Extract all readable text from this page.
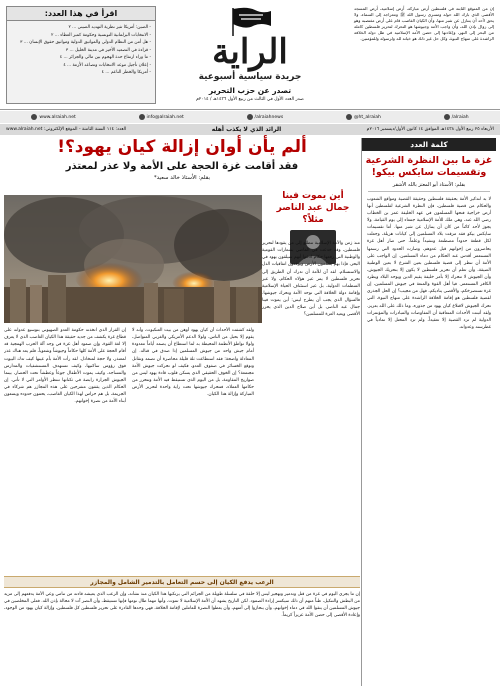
إن من المتوقع الثابتة في فلسطين أرض مباركة، أرض إسلامية، أرض المسجد الأقصى الذي بارك الله حوله ومسرى رسول الله ﷺ ومعراجه إلى السماء، ولا يحق لأحد أن يتنازل عن شبر منها، وأن الكيان الغاصب قام على أرض مغتصبة وهو إلى زوال بإذن الله، وأن واجب الأمة وجيوشها هو التحرك لتحرير فلسطين كاملة من البحر إلى النهر، وإعادتها إلى حضن الأمة الإسلامية في ظل دولة الخلافة الراشدة على منهاج النبوة، وكل حل غير ذلك هو خيانة لله ولرسوله وللمؤمنين.
الراية
جريدة سياسية أسبوعية
تصدر عن حزب التحرير
صدر العدد الأول في الثالث من ربيع الأول ١٤٣٦هـ / ٢٠١٤م
اقرأ في هذا العدد:
- الصين: أمريكا تثير نظرية التهديد الصيني ... ٢
- الانتخابات البرلمانية التونسية وحكومة كمبر العطاء ... ٢
- هل أمن من النظام الدولي والمواثيق الدولية ومواثيق حقوق الإنسان ... ٣
- قراءة في التصعيد الأخير في مدينة الخليل ... ٣
- ما وراء ارتفاع حدة الهجوم بين مالي والجزائر ... ٤
- إعلان تأجيل موعد الانتخابات وتصاعد الأزمة ... ٤
- أمريكا والخطر الناعم ... ٤
www.alraiah.net	info@alraiah.net	/alraiahnews	@ht_alraiah	/alraiah
الأربعاء ٢٥ ربيع الأول ١٤٣٨هـ الموافق ١٤ كانون الأول/ديسمبر ٢٠١٦م
الرائد الذي لا يكذب أهله
العدد: ١١٤ السنة الثامنة - الموقع الإلكتروني: www.alraiah.net
كلمة العدد
غزة ما بين النظرة الشرعية وتقسيمات سايكس بيكو!
بقلم: الأستاذ أبو المعتز بالله الأشقر
لا بد لتذكير الأمة بحقيقة فلسطين وحقيقة القضية ومواقع الشعوب والحكام من قضية فلسطين، فإن النظرة الشرعية لفلسطين أنها أرض خراجية فتحها المسلمون في عهد الخليفة عمر بن الخطاب رضي الله عنه، وهي ملك للأمة الإسلامية جمعاء إلى يوم القيامة، ولا يجوز لأحد كائناً من كان أن يتنازل عن شبر منها. أما تقسيمات سايكس بيكو فقد مزقت بلاد المسلمين إلى كيانات هزيلة، وجعلت لكل قطعة حدوداً مصطنعة ونشيداً وعلماً، حتى صار أهل غزة يحاصرون من إخوانهم قبل عدوهم، وصارت الحدود التي رسمها المستعمر أقدس عند الحكام من دماء المسلمين. إن الواجب على الأمة أن تنظر إلى قضية فلسطين بعين الشرع لا بعين الوطنية الضيقة، وأن تعلم أن تحرير فلسطين لا يكون إلا بتحريك الجيوش، وأن الجيوش لا تتحرك إلا بأمر خليفة يقيم الدين ويوحد البلاد ويطرد الكافر المستعمر. فيا أهل القوة والمنعة في جيوش المسلمين، إن غزة تستصرخكم، والأقصى يناديكم، فهل من مجيب؟ إن الحل الجذري لقضية فلسطين هو إقامة الخلافة الراشدة على منهاج النبوة، التي تحرك الجيوش لاقتلاع كيان يهود من جذوره، وما ذلك على الله بعزيز. ولقد أثبتت الأحداث المتعاقبة أن المفاوضات والمبادرات والمؤتمرات الدولية لم تزد القضية إلا تعقيداً، ولم تزد المحتل إلا تمادياً في غطرسته وعدوانه.
ألم يأن أوان إزالة كيان يهود؟!
فقد أقامت غزة الحجة على الأمة ولا عذر لمعتذر
بقلم: الأستاذ خالد سعيد*
أين يموت فينا
جمال عبد الناصر مثلاً؟
منذ زمن والأمة الإسلامية تتطلع إلى من يقودها لتحرير فلسطين، وقد خدعت في الماضي بشعارات القومية والوطنية التي رفعها حكام ادعوا أنهم سيلقون يهود في البحر، فإذا بهم يسلمون الأرض ويوقعون اتفاقيات الذل والاستسلام. لقد آن للأمة أن تدرك أن الطريق إلى تحرير فلسطين لا يمر عبر هؤلاء الحكام، ولا عبر المنظمات الدولية، بل عبر استئناف الحياة الإسلامية وإقامة دولة الخلافة التي توحد الأمة وتحرك جيوشها. فالسؤال الذي يجب أن يطرح ليس: أين يموت فينا جمال عبد الناصر، بل أين صلاح الدين الذي يحرر الأقصى ويعيد العزة للمسلمين؟
إن القرار الذي اتخذته حكومة العدو الصهيوني بتوسيع عدوانه على قطاع غزة يكشف من جديد حقيقة هذا الكيان الغاصب الذي لا يعرف إلا لغة القوة، وإن صمود أهل غزة في وجه آلة الحرب الهمجية قد أقام الحجة على الأمة كلها حكاماً وجيوشاً وشعوباً، فلم يعد هناك عذر لمعتذر، ولا حجة لمتخاذل. لقد رأت الأمة بأم عينها كيف تدك البيوت فوق رؤوس ساكنيها، وكيف تستهدف المستشفيات والمدارس والمساجد، وكيف يموت الأطفال جوعاً وعطشاً تحت الحصار، بينما الجيوش الجرارة رابضة في ثكناتها تنتظر الأوامر التي لا تأتي. إن الحكام الذين يقفون متفرجين على هذه المجازر هم شركاء في الجريمة، بل هم حراس لهذا الكيان الغاصب، يحمون حدوده ويمنعون أبناء الأمة من نصرة إخوانهم.
ولقد كشفت الأحداث أن كيان يهود أوهن من بيت العنكبوت، وأنه لا يقوم إلا بحبل من الناس، ولولا الدعم الأمريكي والغربي المتواصل، ولولا تواطؤ الأنظمة المحيطة به لما استطاع أن يصمد أياماً معدودة أمام جيش واحد من جيوش المسلمين إذا صدق في قتاله. إن المعادلة واضحة: فقد استطاعت ثلة قليلة محاصرة أن تصمد وتقاتل وتوقع الخسائر في صفوف العدو، فكيف لو تحركت جيوش الأمة مجتمعة؟ إن الخوف الحقيقي الذي يسكن قلوب قادة يهود ليس من صواريخ المقاومة، بل من اليوم الذي تستيقظ فيه الأمة وتتحرر من حكامها العملاء، فتتحرك جيوشها تحت راية واحدة لتحرير الأرض المباركة وإزالة هذا الكيان.
الرعب يدفع الكيان إلى حسم التعامل بالتدمير الشامل والمجازر
إن ما يجري اليوم في غزة من قتل وتدمير وتهجير ليس إلا حلقة في سلسلة طويلة من الجرائم التي يرتكبها هذا الكيان منذ نشأته، وإن الرعب الذي يعيشه قادته من تنامي وعي الأمة يدفعهم إلى مزيد من البطش والتنكيل، ظناً منهم أن ذلك سيكسر إرادة الصمود. لكن التاريخ يشهد أن الأمة الإسلامية لا تموت، وأنها مهما طال نومها فإنها تستيقظ، وأن النصر آت لا محالة بإذن الله. فعلى المخلصين في جيوش المسلمين أن يتقوا الله في دماء إخوانهم، وأن ينحازوا إلى أمتهم، وأن يعطوا النصرة للعاملين لإقامة الخلافة، فهي وحدها القادرة على تحرير فلسطين كل فلسطين، وإزالة كيان يهود من الوجود، وإعادة الأقصى إلى حضن الأمة عزيزاً كريماً.
